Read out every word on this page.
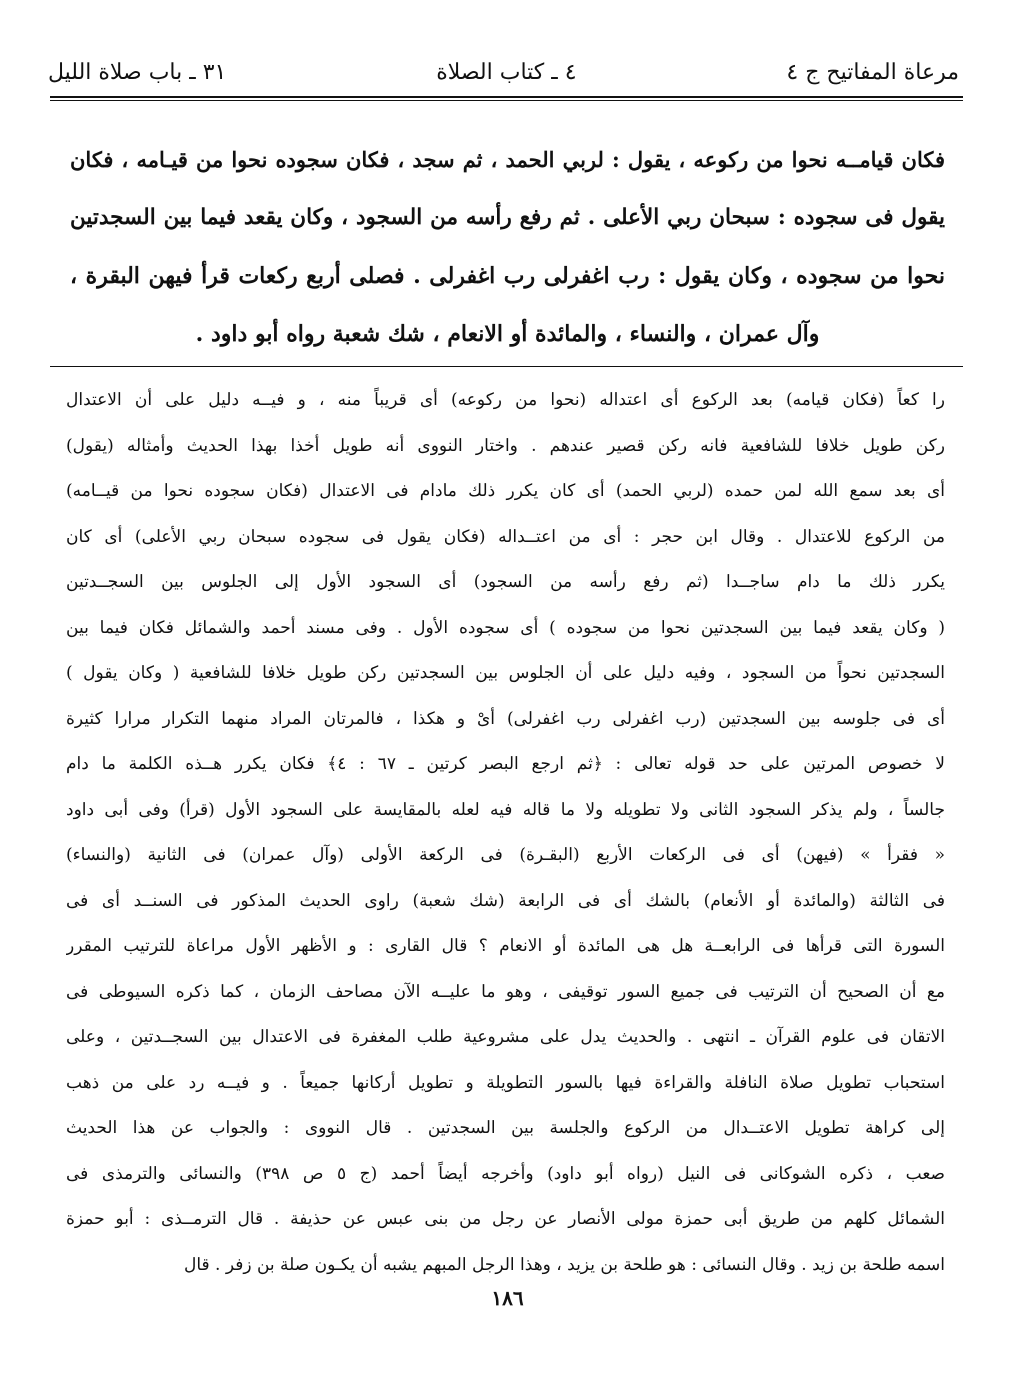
مرعاة المفاتيح ج ٤
٤ ـ كتاب الصلاة
٣١ ـ باب صلاة الليل

فكان قيامــه نحوا من ركوعه ، يقول : لربي الحمد ، ثم سجد ، فكان سجوده نحوا من قيـامه ، فكان

يقول فى سجوده : سبحان ربي الأعلى . ثم رفع رأسه من السجود ، وكان يقعد فيما بين السجدتين

نحوا من سجوده ، وكان يقول : رب اغفرلى رب اغفرلى . فصلى أربع ركعات قرأ فيهن البقرة ،

وآل عمران ، والنساء ، والمائدة أو الانعام ، شك شعبة رواه أبو داود .

را كعاً (فكان قيامه) بعد الركوع أى اعتداله (نحوا من ركوعه) أى قريباً منه ، و فيــه دليل على أن الاعتدال

ركن طويل خلافا للشافعية فانه ركن قصير عندهم . واختار النووى أنه طويل أخذا بهذا الحديث وأمثاله (يقول)

أى بعد سمع الله لمن حمده (لربي الحمد) أى كان يكرر ذلك مادام فى الاعتدال (فكان سجوده نحوا من قيــامه)

من الركوع للاعتدال . وقال ابن حجر : أى من اعتــداله (فكان يقول فى سجوده سبحان ربي الأعلى) أى كان

يكرر ذلك ما دام ساجــدا (ثم رفع رأسه من السجود) أى السجود الأول إلى الجلوس بين السجــدتين

( وكان يقعد فيما بين السجدتين نحوا من سجوده ) أى سجوده الأول . وفى مسند أحمد والشمائل فكان فيما بين

السجدتين نحواً من السجود ، وفيه دليل على أن الجلوس بين السجدتين ركن طويل خلافا للشافعية ( وكان يقول )

أى فى جلوسه بين السجدتين (رب اغفرلى رب اغفرلى) أىْ و هكذا ، فالمرتان المراد منهما التكرار مرارا كثيرة

لا خصوص المرتين على حد قوله تعالى : ﴿ثم ارجع البصر كرتين ـ ٦٧ : ٤﴾ فكان يكرر هــذه الكلمة ما دام

جالساً ، ولم يذكر السجود الثانى ولا تطويله ولا ما قاله فيه لعله بالمقايسة على السجود الأول (قرأ) وفى أبى داود

« فقرأ » (فيهن) أى فى الركعات الأربع (البقـرة) فى الركعة الأولى (وآل عمران) فى الثانية (والنساء)

فى الثالثة (والمائدة أو الأنعام) بالشك أى فى الرابعة (شك شعبة) راوى الحديث المذكور فى السنــد أى فى

السورة التى قرأها فى الرابعــة هل هى المائدة أو الانعام ؟ قال القارى : و الأظهر الأول مراعاة للترتيب المقرر

مع أن الصحيح أن الترتيب فى جميع السور توقيفى ، وهو ما عليــه الآن مصاحف الزمان ، كما ذكره السيوطى فى

الاتقان فى علوم القرآن ـ انتهى . والحديث يدل على مشروعية طلب المغفرة فى الاعتدال بين السجــدتين ، وعلى

استحباب تطويل صلاة النافلة والقراءة فيها بالسور التطويلة و تطويل أركانها جميعاً . و فيــه رد على من ذهب

إلى كراهة تطويل الاعتــدال من الركوع والجلسة بين السجدتين . قال النووى : والجواب عن هذا الحديث

صعب ، ذكره الشوكانى فى النيل (رواه أبو داود) وأخرجه أيضاً أحمد (ج ٥ ص ٣٩٨) والنسائى والترمذى فى

الشمائل كلهم من طريق أبى حمزة مولى الأنصار عن رجل من بنى عبس عن حذيفة . قال الترمــذى : أبو حمزة

اسمه طلحة بن زيد . وقال النسائى : هو طلحة بن يزيد ، وهذا الرجل المبهم يشبه أن يكـون صلة بن زفر . قال

١٨٦
